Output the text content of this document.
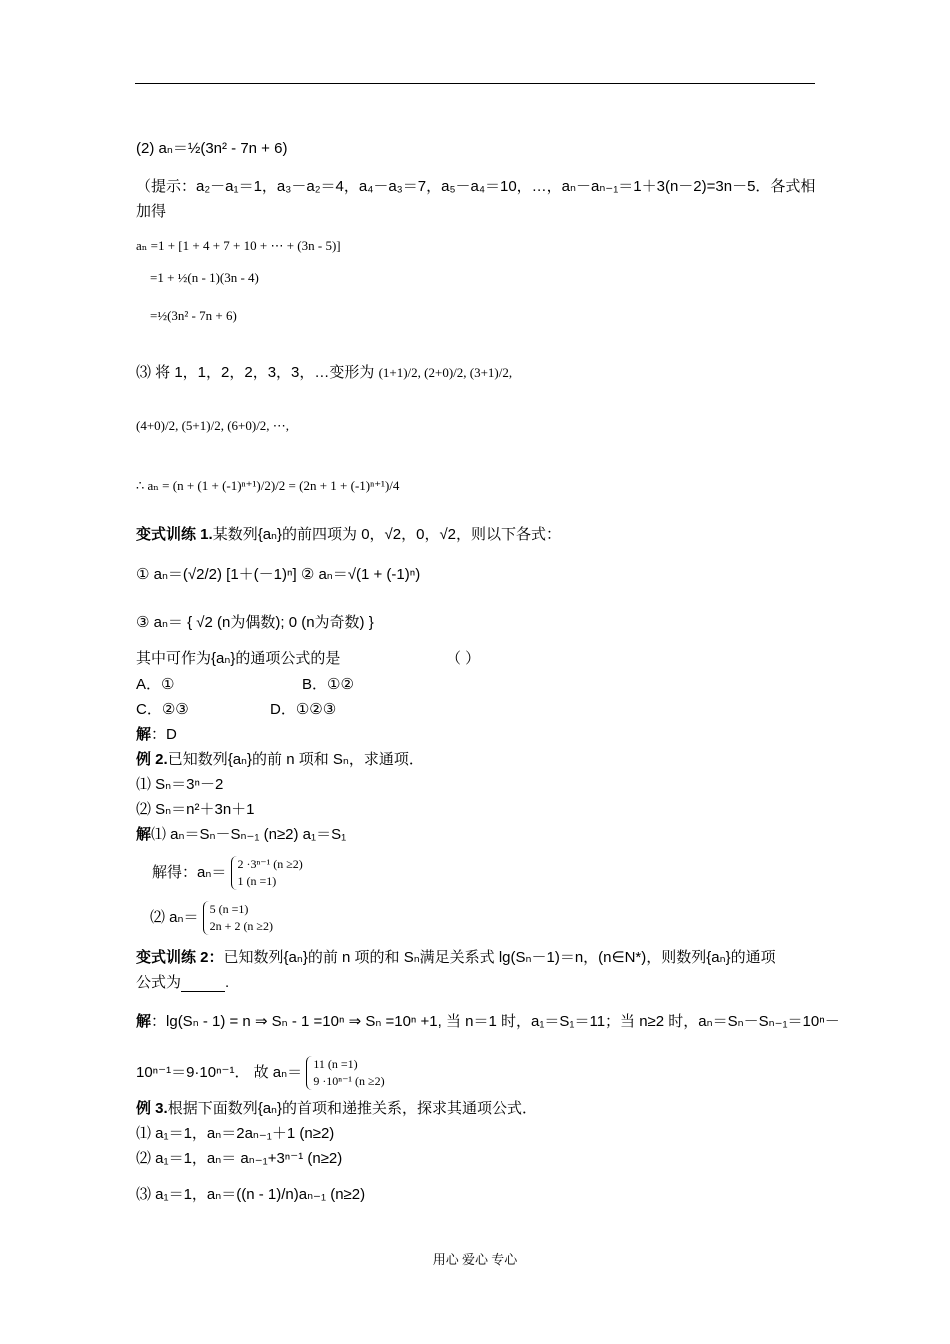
(2) aₙ＝½(3n² - 7n + 6)
（提示：a₂－a₁＝1，a₃－a₂＝4，a₄－a₃＝7，a₅－a₄＝10，…，aₙ－aₙ₋₁＝1＋3(n－2)=3n－5．各式相
加得
aₙ =1 + [1 + 4 + 7 + 10 + ⋯ + (3n - 5)]
=1 + ½(n - 1)(3n - 4)
=½(3n² - 7n + 6)
⑶ 将 1，1，2，2，3，3，…变形为 (1+1)/2, (2+0)/2, (3+1)/2,
(4+0)/2, (5+1)/2, (6+0)/2, ⋯,
∴ aₙ = (n + (1 + (-1)ⁿ⁺¹)/2)/2 = (2n + 1 + (-1)ⁿ⁺¹)/4
变式训练 1.某数列{aₙ}的前四项为 0，√2，0，√2，则以下各式：
① aₙ＝(√2/2) [1＋(－1)ⁿ] ② aₙ＝√(1 + (-1)ⁿ)
③ aₙ＝ { √2 (n为偶数); 0 (n为奇数) }
其中可作为{aₙ}的通项公式的是	（ ）
A．①	B．①②
C．②③	D．①②③
解：D
例 2.已知数列{aₙ}的前 n 项和 Sₙ，求通项．
⑴ Sₙ＝3ⁿ－2
⑵ Sₙ＝n²＋3n＋1
解⑴ aₙ＝Sₙ－Sₙ₋₁ (n≥2) a₁＝S₁
解得：aₙ＝ 2 ·3ⁿ⁻¹ (n ≥2)
1 (n =1)
⑵ aₙ＝ 5 (n =1)
2n + 2 (n ≥2)
变式训练 2：已知数列{aₙ}的前 n 项的和 Sₙ满足关系式 lg(Sₙ－1)＝n，(n∈N*)，则数列{aₙ}的通项
公式为	.
解：lg(Sₙ - 1) = n ⇒ Sₙ - 1 =10ⁿ ⇒ Sₙ =10ⁿ +1, 当 n＝1 时，a₁＝S₁＝11；当 n≥2 时，aₙ＝Sₙ－Sₙ₋₁＝10ⁿ－
10ⁿ⁻¹＝9·10ⁿ⁻¹． 故 aₙ＝ 11 (n =1)
9 ·10ⁿ⁻¹ (n ≥2)
例 3.根据下面数列{aₙ}的首项和递推关系，探求其通项公式．
⑴ a₁＝1，aₙ＝2aₙ₋₁＋1 (n≥2)
⑵ a₁＝1，aₙ＝ aₙ₋₁+3ⁿ⁻¹ (n≥2)
⑶ a₁＝1，aₙ＝((n - 1)/n)aₙ₋₁ (n≥2)
用心 爱心 专心
